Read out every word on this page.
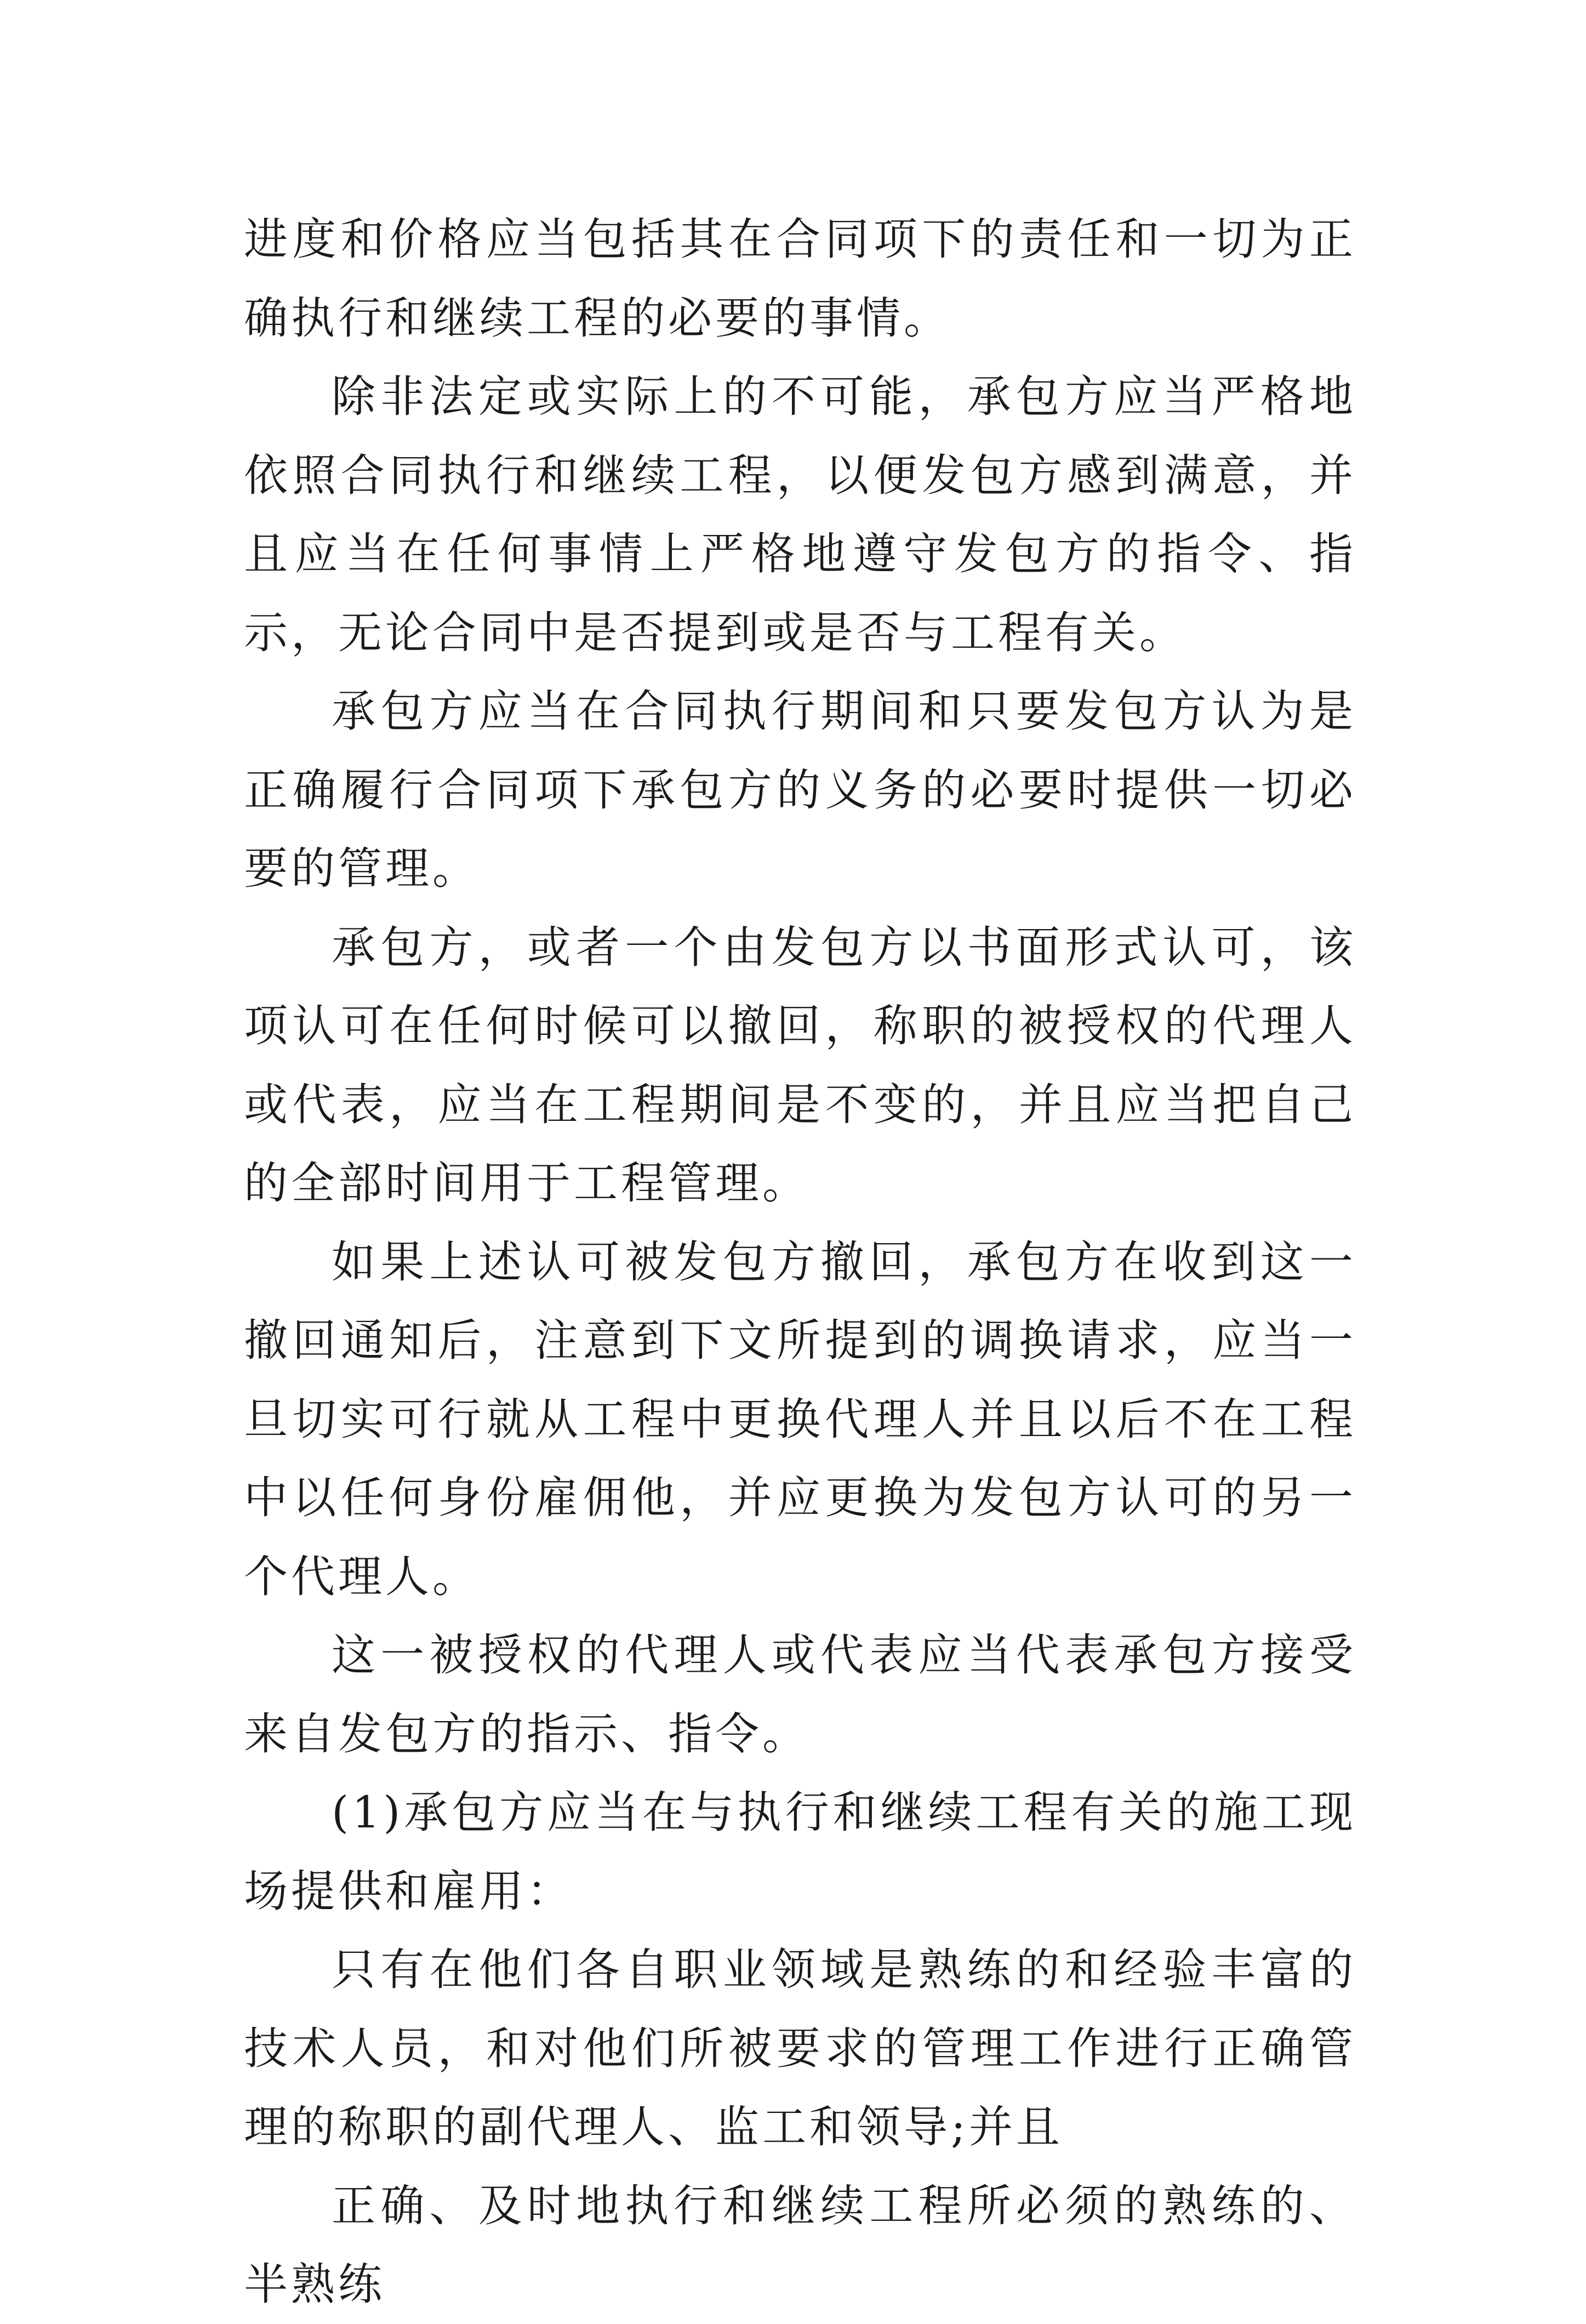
进度和价格应当包括其在合同项下的责任和一切为正确执行和继续工程的必要的事情。

除非法定或实际上的不可能，承包方应当严格地依照合同执行和继续工程，以便发包方感到满意，并且应当在任何事情上严格地遵守发包方的指令、指示，无论合同中是否提到或是否与工程有关。

承包方应当在合同执行期间和只要发包方认为是正确履行合同项下承包方的义务的必要时提供一切必要的管理。

承包方，或者一个由发包方以书面形式认可，该项认可在任何时候可以撤回，称职的被授权的代理人或代表，应当在工程期间是不变的，并且应当把自己的全部时间用于工程管理。

如果上述认可被发包方撤回，承包方在收到这一撤回通知后，注意到下文所提到的调换请求，应当一旦切实可行就从工程中更换代理人并且以后不在工程中以任何身份雇佣他，并应更换为发包方认可的另一个代理人。

这一被授权的代理人或代表应当代表承包方接受来自发包方的指示、指令。

(1)承包方应当在与执行和继续工程有关的施工现场提供和雇用：

只有在他们各自职业领域是熟练的和经验丰富的技术人员，和对他们所被要求的管理工作进行正确管理的称职的副代理人、监工和领导;并且

正确、及时地执行和继续工程所必须的熟练的、半熟练
